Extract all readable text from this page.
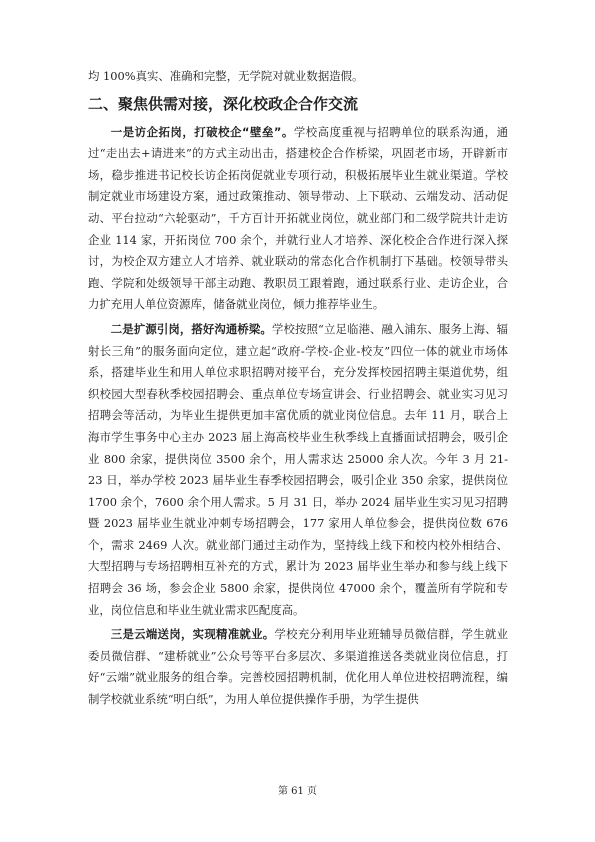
均 100%真实、准确和完整，无学院对就业数据造假。

二、聚焦供需对接，深化校政企合作交流

一是访企拓岗，打破校企“壁垒”。学校高度重视与招聘单位的联系沟通，通过“走出去+请进来”的方式主动出击，搭建校企合作桥梁，巩固老市场，开辟新市场，稳步推进书记校长访企拓岗促就业专项行动，积极拓展毕业生就业渠道。学校制定就业市场建设方案，通过政策推动、领导带动、上下联动、云端发动、活动促动、平台拉动“六轮驱动”，千方百计开拓就业岗位，就业部门和二级学院共计走访企业 114 家，开拓岗位 700 余个，并就行业人才培养、深化校企合作进行深入探讨，为校企双方建立人才培养、就业联动的常态化合作机制打下基础。校领导带头跑、学院和处级领导干部主动跑、教职员工跟着跑，通过联系行业、走访企业，合力扩充用人单位资源库，储备就业岗位，倾力推荐毕业生。

二是扩源引岗，搭好沟通桥梁。学校按照“立足临港、融入浦东、服务上海、辐射长三角”的服务面向定位，建立起“政府-学校-企业-校友”四位一体的就业市场体系，搭建毕业生和用人单位求职招聘对接平台，充分发挥校园招聘主渠道优势，组织校园大型春秋季校园招聘会、重点单位专场宣讲会、行业招聘会、就业实习见习招聘会等活动，为毕业生提供更加丰富优质的就业岗位信息。去年 11 月，联合上海市学生事务中心主办 2023 届上海高校毕业生秋季线上直播面试招聘会，吸引企业 800 余家，提供岗位 3500 余个，用人需求达 25000 余人次。今年 3 月 21-23 日，举办学校 2023 届毕业生春季校园招聘会，吸引企业 350 余家，提供岗位 1700 余个，7600 余个用人需求。5 月 31 日，举办 2024 届毕业生实习见习招聘暨 2023 届毕业生就业冲刺专场招聘会，177 家用人单位参会，提供岗位数 676 个，需求 2469 人次。就业部门通过主动作为，坚持线上线下和校内校外相结合、大型招聘与专场招聘相互补充的方式，累计为 2023 届毕业生举办和参与线上线下招聘会 36 场，参会企业 5800 余家，提供岗位 47000 余个，覆盖所有学院和专业，岗位信息和毕业生就业需求匹配度高。

三是云端送岗，实现精准就业。学校充分利用毕业班辅导员微信群，学生就业委员微信群、“建桥就业”公众号等平台多层次、多渠道推送各类就业岗位信息，打好“云端”就业服务的组合拳。完善校园招聘机制，优化用人单位进校招聘流程，编制学校就业系统“明白纸”，为用人单位提供操作手册，为学生提供

第 61 页
